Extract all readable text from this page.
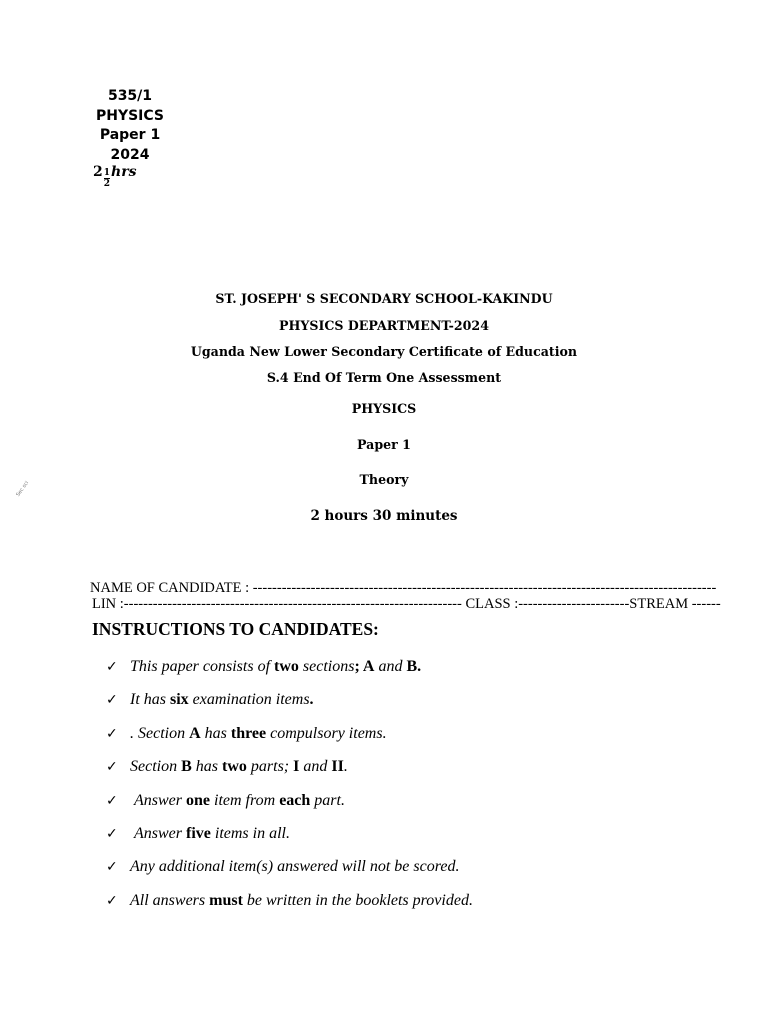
535/1
PHYSICS
Paper 1
2024
$2 \frac{1}{2}$ hrs
ST. JOSEPH' S SECONDARY SCHOOL-KAKINDU
PHYSICS DEPARTMENT-2024
Uganda New Lower Secondary Certificate of Education
S.4 End Of Term One Assessment
PHYSICS
Paper 1
Theory
2 hours 30 minutes
Sec sci
NAME OF CANDIDATE : ------------------------------------------------------------------------------------------------
LIN :---------------------------------------------------------------------- CLASS :-----------------------STREAM ------
INSTRUCTIONS TO CANDIDATES:
✓ This paper consists of two sections; A and B.
✓ It has six examination items.
✓ . Section A has three compulsory items.
✓ Section B has two parts; I and II.
✓	Answer one item from each part.
✓	Answer five items in all.
✓ Any additional item(s) answered will not be scored.
✓ All answers must be written in the booklets provided.
